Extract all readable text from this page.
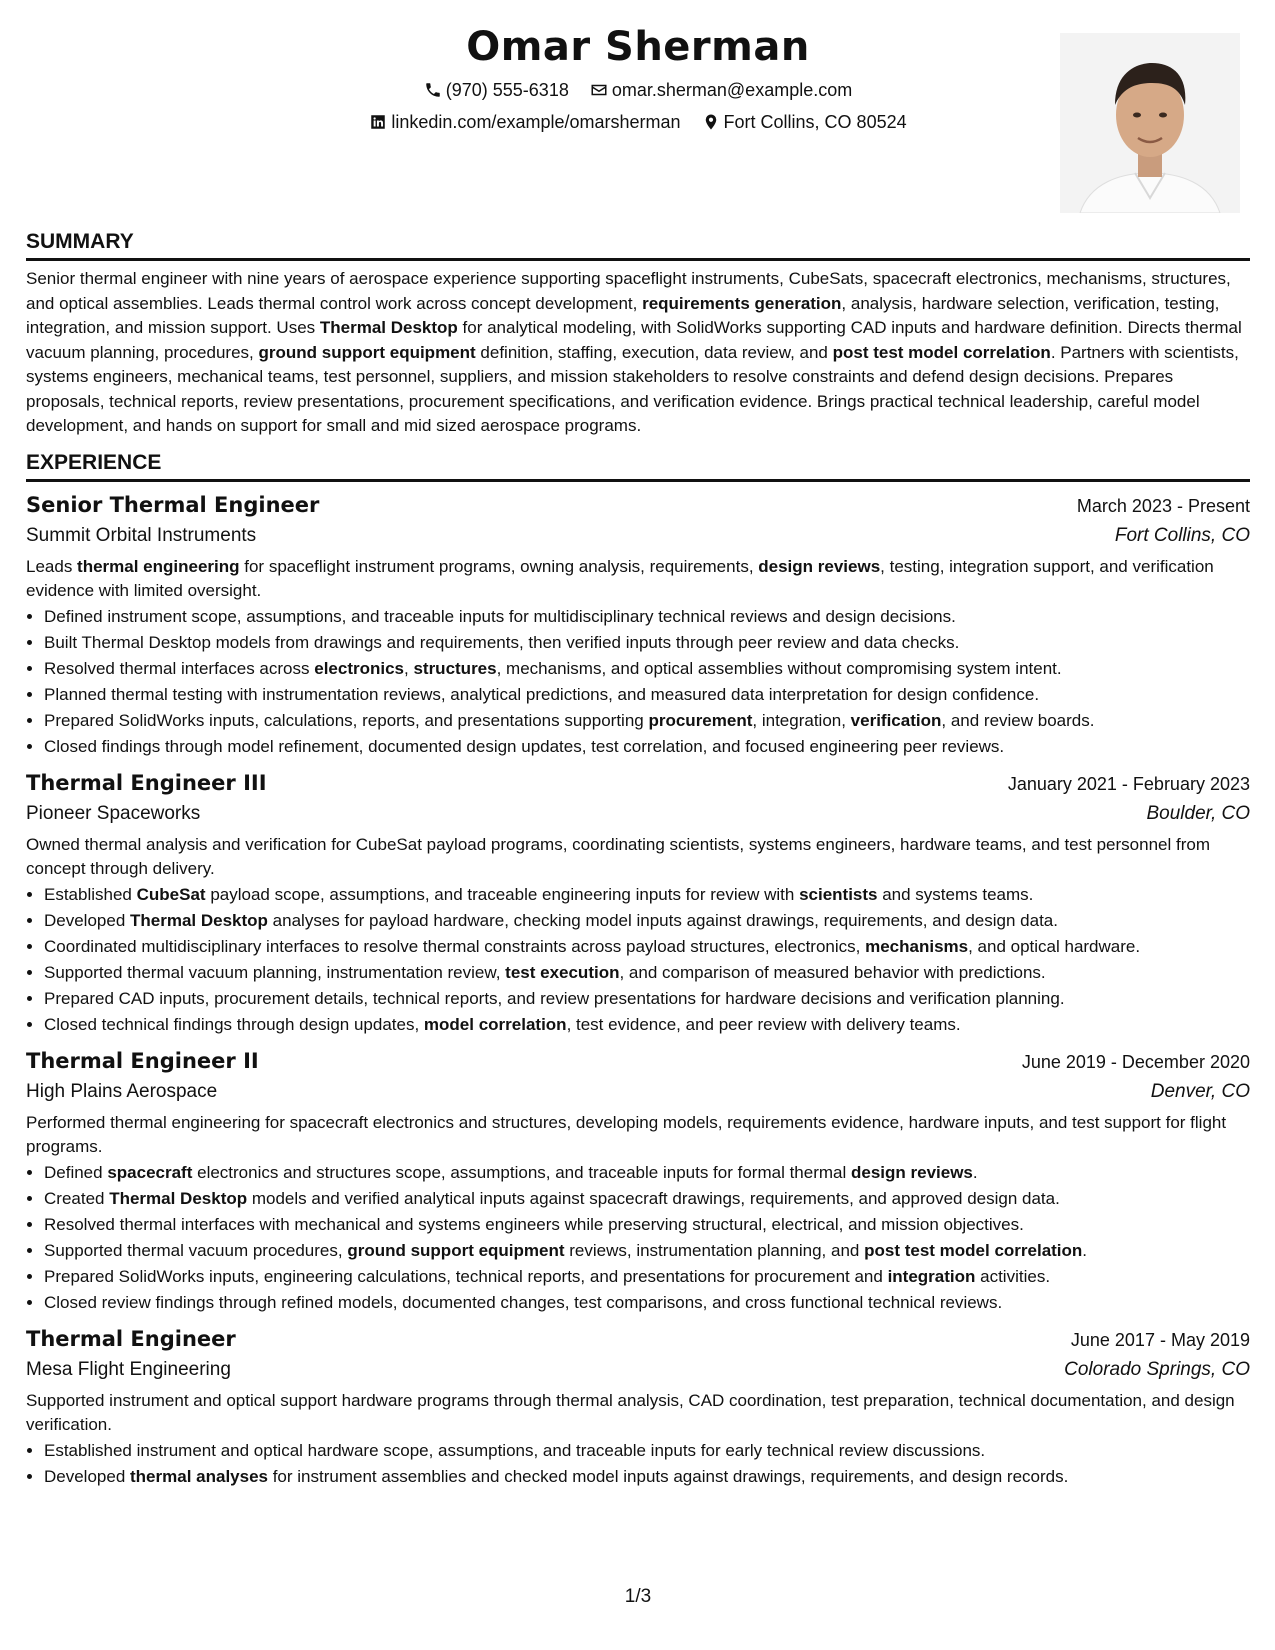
Omar Sherman
(970) 555-6318
omar.sherman@example.com
linkedin.com/example/omarsherman
Fort Collins, CO 80524
SUMMARY
Senior thermal engineer with nine years of aerospace experience supporting spaceflight instruments, CubeSats, spacecraft electronics, mechanisms, structures, and optical assemblies. Leads thermal control work across concept development, requirements generation, analysis, hardware selection, verification, testing, integration, and mission support. Uses Thermal Desktop for analytical modeling, with SolidWorks supporting CAD inputs and hardware definition. Directs thermal vacuum planning, procedures, ground support equipment definition, staffing, execution, data review, and post test model correlation. Partners with scientists, systems engineers, mechanical teams, test personnel, suppliers, and mission stakeholders to resolve constraints and defend design decisions. Prepares proposals, technical reports, review presentations, procurement specifications, and verification evidence. Brings practical technical leadership, careful model development, and hands on support for small and mid sized aerospace programs.
EXPERIENCE
Senior Thermal Engineer	March 2023 - Present
Summit Orbital Instruments	Fort Collins, CO
Leads thermal engineering for spaceflight instrument programs, owning analysis, requirements, design reviews, testing, integration support, and verification evidence with limited oversight.
• Defined instrument scope, assumptions, and traceable inputs for multidisciplinary technical reviews and design decisions.
• Built Thermal Desktop models from drawings and requirements, then verified inputs through peer review and data checks.
• Resolved thermal interfaces across electronics, structures, mechanisms, and optical assemblies without compromising system intent.
• Planned thermal testing with instrumentation reviews, analytical predictions, and measured data interpretation for design confidence.
• Prepared SolidWorks inputs, calculations, reports, and presentations supporting procurement, integration, verification, and review boards.
• Closed findings through model refinement, documented design updates, test correlation, and focused engineering peer reviews.
Thermal Engineer III	January 2021 - February 2023
Pioneer Spaceworks	Boulder, CO
Owned thermal analysis and verification for CubeSat payload programs, coordinating scientists, systems engineers, hardware teams, and test personnel from concept through delivery.
• Established CubeSat payload scope, assumptions, and traceable engineering inputs for review with scientists and systems teams.
• Developed Thermal Desktop analyses for payload hardware, checking model inputs against drawings, requirements, and design data.
• Coordinated multidisciplinary interfaces to resolve thermal constraints across payload structures, electronics, mechanisms, and optical hardware.
• Supported thermal vacuum planning, instrumentation review, test execution, and comparison of measured behavior with predictions.
• Prepared CAD inputs, procurement details, technical reports, and review presentations for hardware decisions and verification planning.
• Closed technical findings through design updates, model correlation, test evidence, and peer review with delivery teams.
Thermal Engineer II	June 2019 - December 2020
High Plains Aerospace	Denver, CO
Performed thermal engineering for spacecraft electronics and structures, developing models, requirements evidence, hardware inputs, and test support for flight programs.
• Defined spacecraft electronics and structures scope, assumptions, and traceable inputs for formal thermal design reviews.
• Created Thermal Desktop models and verified analytical inputs against spacecraft drawings, requirements, and approved design data.
• Resolved thermal interfaces with mechanical and systems engineers while preserving structural, electrical, and mission objectives.
• Supported thermal vacuum procedures, ground support equipment reviews, instrumentation planning, and post test model correlation.
• Prepared SolidWorks inputs, engineering calculations, technical reports, and presentations for procurement and integration activities.
• Closed review findings through refined models, documented changes, test comparisons, and cross functional technical reviews.
Thermal Engineer	June 2017 - May 2019
Mesa Flight Engineering	Colorado Springs, CO
Supported instrument and optical support hardware programs through thermal analysis, CAD coordination, test preparation, technical documentation, and design verification.
• Established instrument and optical hardware scope, assumptions, and traceable inputs for early technical review discussions.
• Developed thermal analyses for instrument assemblies and checked model inputs against drawings, requirements, and design records.
1/3
